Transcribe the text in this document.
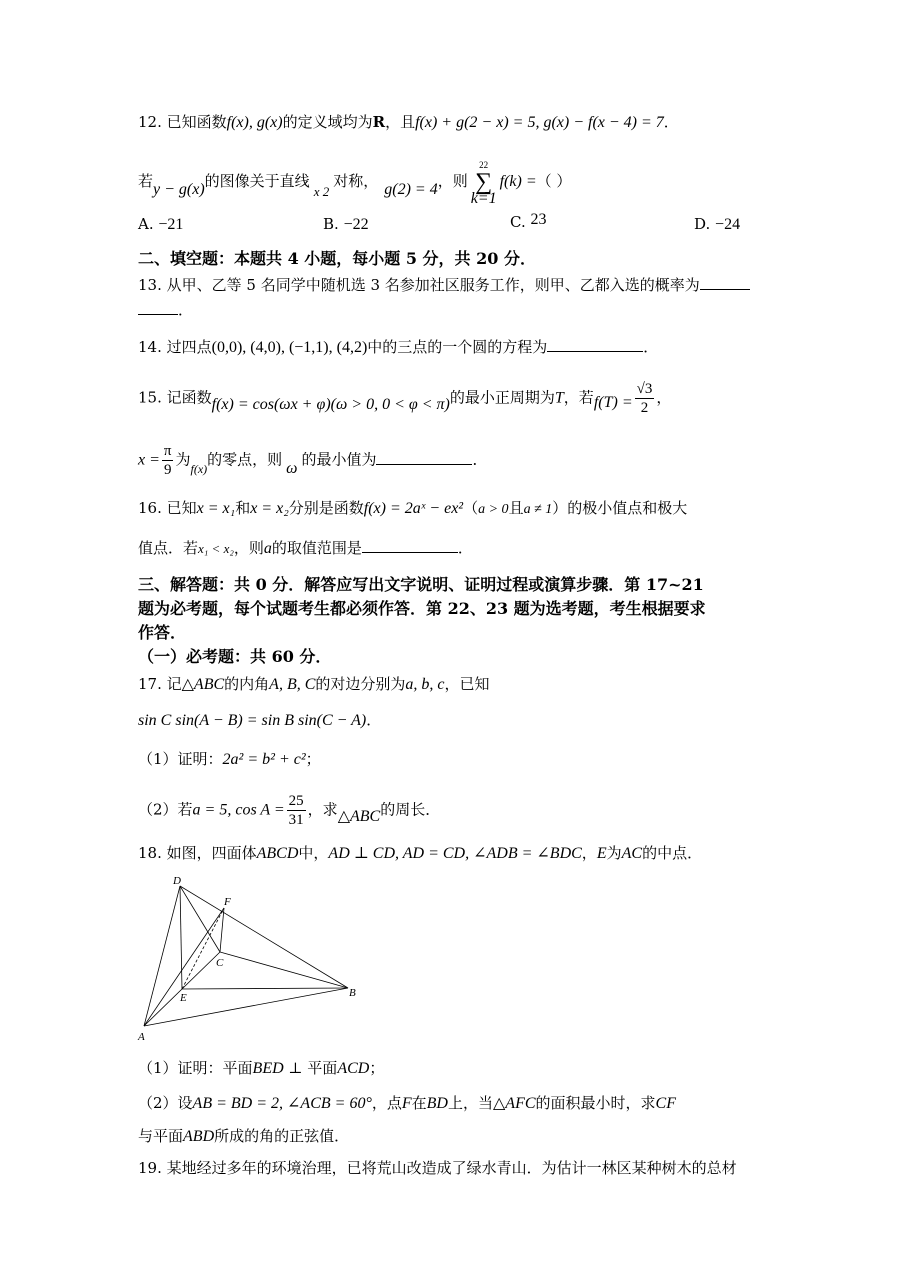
12. 已知函数f(x), g(x)的定义域均为R，且f(x) + g(2 − x) = 5, g(x) − f(x − 4) = 7．
若y − g(x)的图像关于直线x 2对称， g(2) = 4，则
22
∑
k=1
f(k) =（ ）
A. −21	B. −22	C. 23	D. −24
二、填空题：本题共 4 小题，每小题 5 分，共 20 分．
13. 从甲、乙等 5 名同学中随机选 3 名参加社区服务工作，则甲、乙都入选的概率为
．
14. 过四点(0,0), (4,0), (−1,1), (4,2)中的三点的一个圆的方程为	．
15. 记函数f(x) = cos(ωx + φ)(ω > 0, 0 < φ < π)的最小正周期为T，若$f(T) = \frac{√3}{2}$ ，
$x = \frac{\pi}{9}$ 为$_{f(x)}$的零点，则 ω 的最小值为	．
16. 已知x = x₁和x = x₂分别是函数f(x) = 2aˣ − ex²（a > 0且a ≠ 1）的极小值点和极大
值点．若x₁ < x₂，则a的取值范围是	．
三、解答题：共 0 分．解答应写出文字说明、证明过程或演算步骤．第 17~21
题为必考题，每个试题考生都必须作答．第 22、23 题为选考题，考生根据要求
作答．
（一）必考题：共 60 分．
17. 记△ABC的内角A, B, C的对边分别为a, b, c，已知
sin C sin(A − B) = sin B sin(C − A)．
（1）证明：2a² = b² + c²；
（2）若a = 5, $\cos A = \frac{25}{31}$ ，求△ABC的周长．
18. 如图，四面体ABCD中，AD ⊥ CD, AD = CD, ∠ADB = ∠BDC，E为AC的中点．
D
F
C
E	B
A
（1）证明：平面BED ⊥ 平面ACD；
（2）设AB = BD = 2, ∠ACB = 60°，点F在BD上，当△AFC的面积最小时，求CF
与平面ABD所成的角的正弦值．
19. 某地经过多年的环境治理，已将荒山改造成了绿水青山．为估计一林区某种树木的总材
